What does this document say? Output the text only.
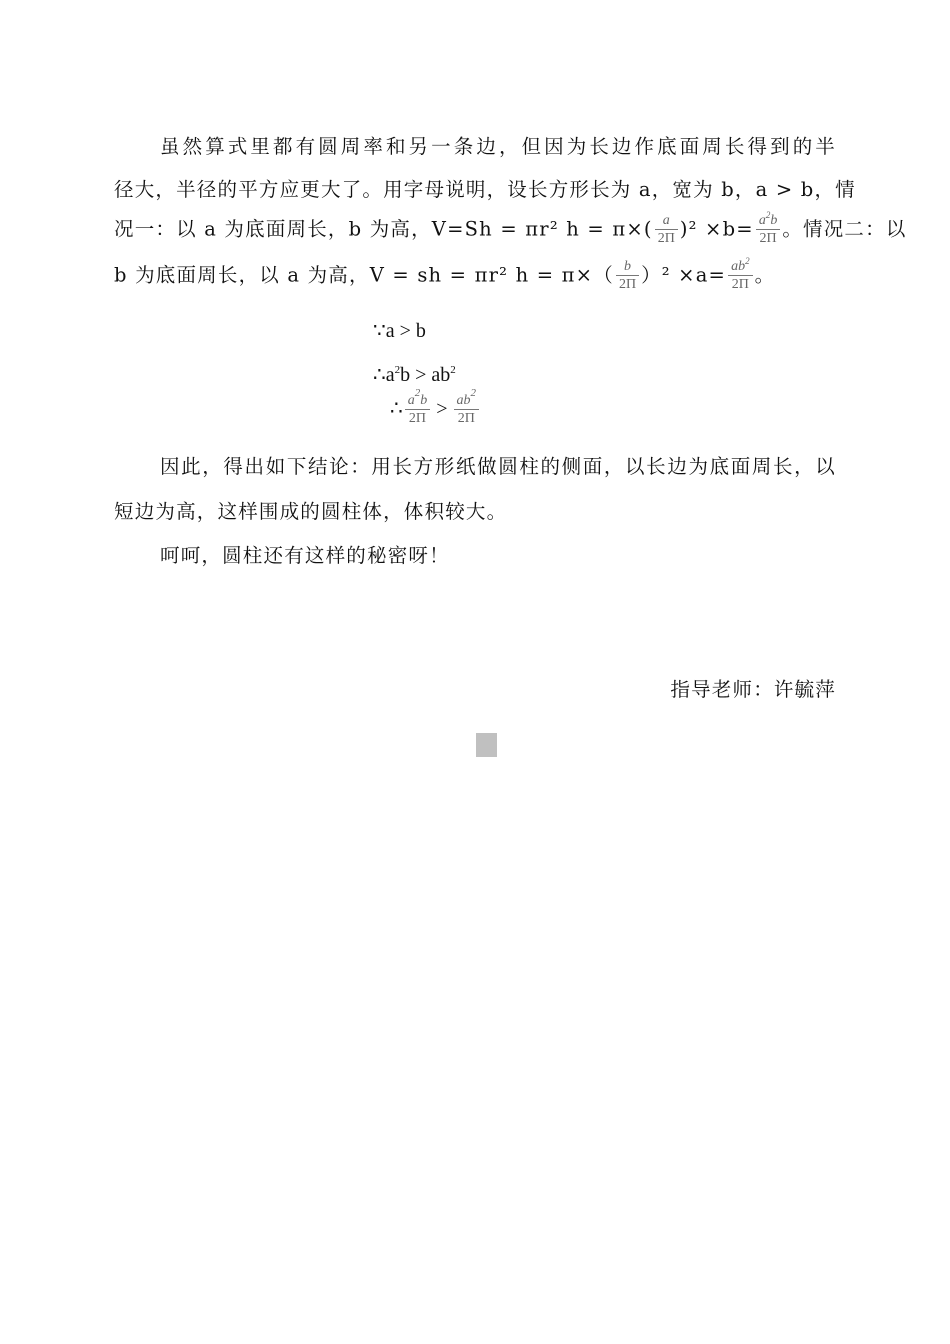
虽然算式里都有圆周率和另一条边，但因为长边作底面周长得到的半
径大，半径的平方应更大了。用字母说明，设长方形长为 a，宽为 b，a > b，情
况一：以 a 为底面周长，b 为高，V=Sh = πr² $h = \pi\times( \frac{a}{2\Pi} )^2 \times b= \frac{a^2b}{2\Pi}$ 。情况二：以
b 为底面周长，以 a 为高，V = sh = πr² $h = \pi\times( \frac{b}{2\Pi} )^2 \times a= \frac{ab^2}{2\Pi}$ 。
∵a > b
$\therefore a^2b > ab^2$
∴ $\frac{a^2b}{2\Pi} > \frac{ab^2}{2\Pi}$
因此，得出如下结论：用长方形纸做圆柱的侧面，以长边为底面周长，以
短边为高，这样围成的圆柱体，体积较大。
呵呵，圆柱还有这样的秘密呀！
指导老师：许毓萍
